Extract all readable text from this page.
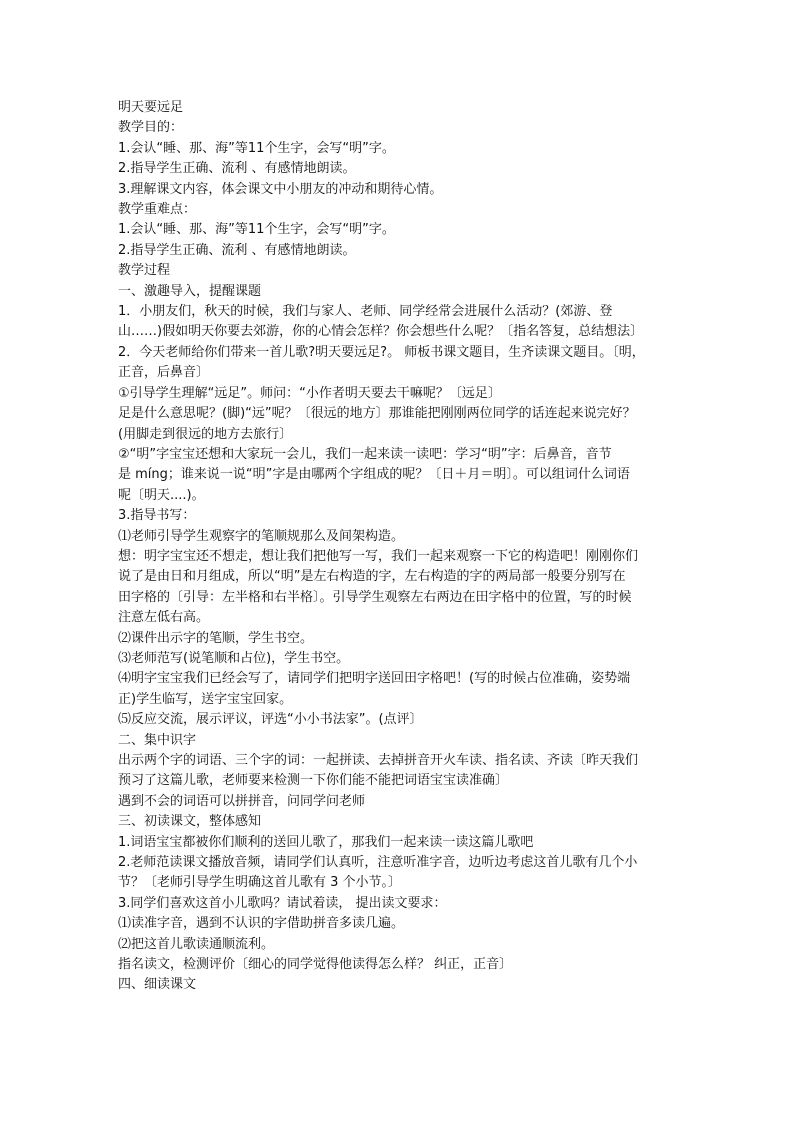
明天要远足

教学目的：

1.会认“睡、那、海”等11个生字，会写“明”字。

2.指导学生正确、流利 、有感情地朗读。

3.理解课文内容，体会课文中小朋友的冲动和期待心情。

教学重难点：

1.会认“睡、那、海”等11个生字，会写“明”字。

2.指导学生正确、流利 、有感情地朗读。

教学过程

一、激趣导入，提醒课题

1．小朋友们，秋天的时候，我们与家人、老师、同学经常会进展什么活动？(郊游、登

山……)假如明天你要去郊游，你的心情会怎样？你会想些什么呢？〔指名答复，总结想法〕

2．今天老师给你们带来一首儿歌?明天要远足?。 师板书课文题目，生齐读课文题目。〔明，

正音，后鼻音〕

①引导学生理解“远足”。师问：“小作者明天要去干嘛呢？〔远足〕

足是什么意思呢？(脚)“远”呢？〔很远的地方〕那谁能把刚刚两位同学的话连起来说完好？

(用脚走到很远的地方去旅行〕

②“明”字宝宝还想和大家玩一会儿，我们一起来读一读吧：学习“明”字：后鼻音，音节

是 míng；谁来说一说“明”字是由哪两个字组成的呢？〔日＋月＝明〕。可以组词什么词语

呢〔明天....)。

3.指导书写：

⑴老师引导学生观察字的笔顺规那么及间架构造。

想：明字宝宝还不想走，想让我们把他写一写，我们一起来观察一下它的构造吧！刚刚你们

说了是由日和月组成，所以“明”是左右构造的字，左右构造的字的两局部一般要分别写在

田字格的〔引导：左半格和右半格〕。引导学生观察左右两边在田字格中的位置，写的时候

注意左低右高。

⑵课件出示字的笔顺，学生书空。

⑶老师范写(说笔顺和占位)，学生书空。

⑷明字宝宝我们已经会写了，请同学们把明字送回田字格吧！(写的时候占位准确，姿势端

正)学生临写，送字宝宝回家。

⑸反应交流，展示评议，评选“小小书法家”。(点评〕

二、集中识字

出示两个字的词语、三个字的词：一起拼读、去掉拼音开火车读、指名读、齐读〔昨天我们

预习了这篇儿歌，老师要来检测一下你们能不能把词语宝宝读准确〕

遇到不会的词语可以拼拼音，问同学问老师

三、初读课文，整体感知

1.词语宝宝都被你们顺利的送回儿歌了，那我们一起来读一读这篇儿歌吧

2.老师范读课文播放音频，请同学们认真听，注意听准字音，边听边考虑这首儿歌有几个小

节？〔老师引导学生明确这首儿歌有 3 个小节。〕

3.同学们喜欢这首小儿歌吗？请试着读， 提出读文要求：

⑴读准字音，遇到不认识的字借助拼音多读几遍。

⑵把这首儿歌读通顺流利。

指名读文，检测评价〔细心的同学觉得他读得怎么样？ 纠正，正音〕

四、细读课文
